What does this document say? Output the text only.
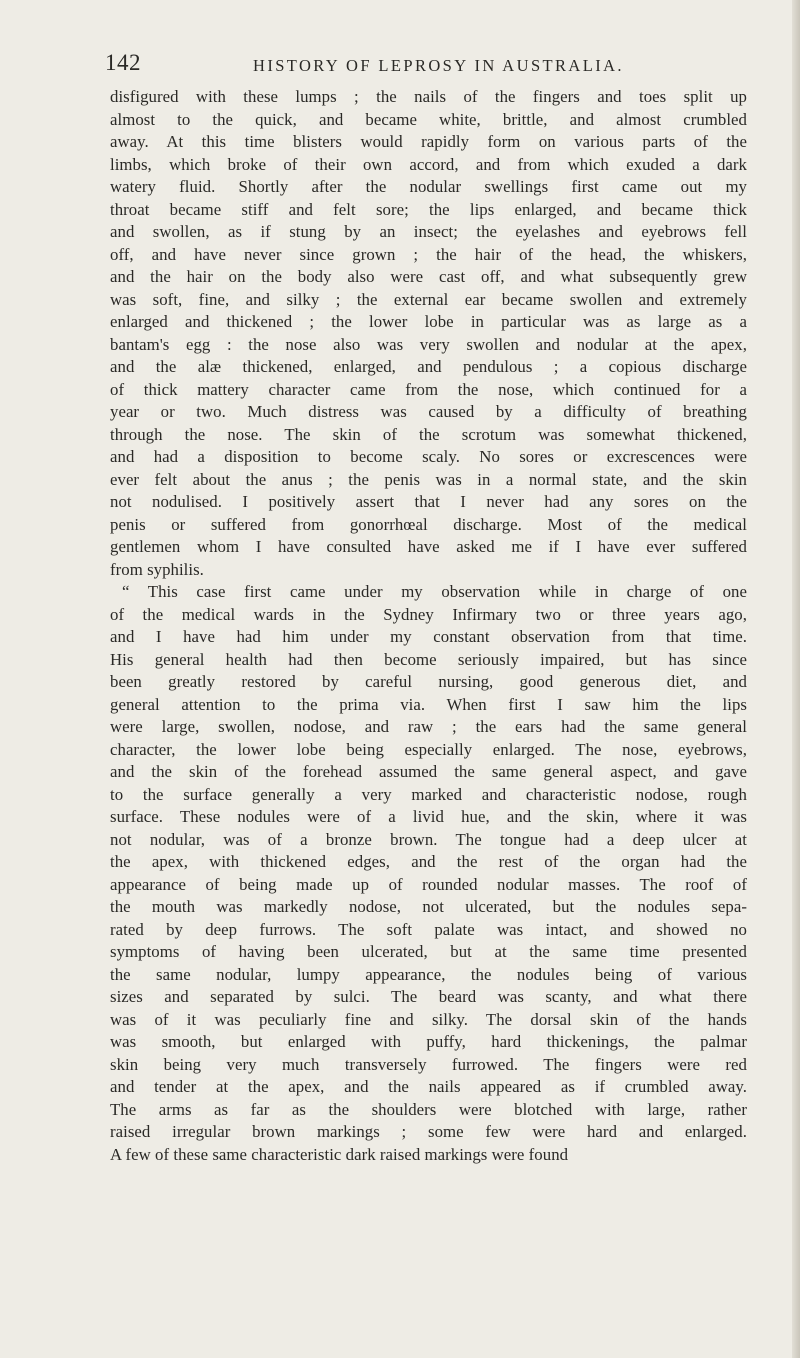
142	HISTORY OF LEPROSY IN AUSTRALIA.
disfigured with these lumps ; the nails of the fingers and toes split up
almost to the quick, and became white, brittle, and almost crumbled
away. At this time blisters would rapidly form on various parts of the
limbs, which broke of their own accord, and from which exuded a dark
watery fluid. Shortly after the nodular swellings first came out my
throat became stiff and felt sore; the lips enlarged, and became thick
and swollen, as if stung by an insect; the eyelashes and eyebrows fell
off, and have never since grown ; the hair of the head, the whiskers,
and the hair on the body also were cast off, and what subsequently grew
was soft, fine, and silky ; the external ear became swollen and extremely
enlarged and thickened ; the lower lobe in particular was as large as a
bantam's egg : the nose also was very swollen and nodular at the apex,
and the alæ thickened, enlarged, and pendulous ; a copious discharge
of thick mattery character came from the nose, which continued for a
year or two. Much distress was caused by a difficulty of breathing
through the nose. The skin of the scrotum was somewhat thickened,
and had a disposition to become scaly. No sores or excrescences were
ever felt about the anus ; the penis was in a normal state, and the skin
not nodulised. I positively assert that I never had any sores on the
penis or suffered from gonorrhœal discharge. Most of the medical
gentlemen whom I have consulted have asked me if I have ever suffered
from syphilis.
“ This case first came under my observation while in charge of one
of the medical wards in the Sydney Infirmary two or three years ago,
and I have had him under my constant observation from that time.
His general health had then become seriously impaired, but has since
been greatly restored by careful nursing, good generous diet, and
general attention to the prima via. When first I saw him the lips
were large, swollen, nodose, and raw ; the ears had the same general
character, the lower lobe being especially enlarged. The nose, eyebrows,
and the skin of the forehead assumed the same general aspect, and gave
to the surface generally a very marked and characteristic nodose, rough
surface. These nodules were of a livid hue, and the skin, where it was
not nodular, was of a bronze brown. The tongue had a deep ulcer at
the apex, with thickened edges, and the rest of the organ had the
appearance of being made up of rounded nodular masses. The roof of
the mouth was markedly nodose, not ulcerated, but the nodules sepa-
rated by deep furrows. The soft palate was intact, and showed no
symptoms of having been ulcerated, but at the same time presented
the same nodular, lumpy appearance, the nodules being of various
sizes and separated by sulci. The beard was scanty, and what there
was of it was peculiarly fine and silky. The dorsal skin of the hands
was smooth, but enlarged with puffy, hard thickenings, the palmar
skin being very much transversely furrowed. The fingers were red
and tender at the apex, and the nails appeared as if crumbled away.
The arms as far as the shoulders were blotched with large, rather
raised irregular brown markings ; some few were hard and enlarged.
A few of these same characteristic dark raised markings were found
